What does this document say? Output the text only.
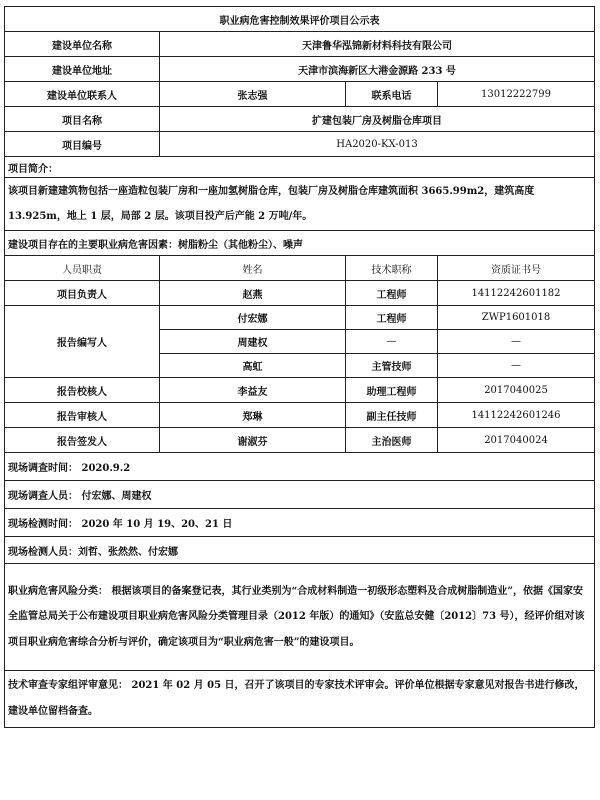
职业病危害控制效果评价项目公示表			
建设单位名称	天津鲁华泓锦新材料科技有限公司		
建设单位地址	天津市滨海新区大港金源路 233 号		
建设单位联系人	张志强	联系电话	13012222799
项目名称	扩建包装厂房及树脂仓库项目		
项目编号	HA2020-KX-013		
项目简介：			
该项目新建建筑物包括一座造粒包装厂房和一座加氢树脂仓库，包装厂房及树脂仓库建筑面积 3665.99m2，建筑高度 13.925m，地上 1 层，局部 2 层。该项目投产后产能 2 万吨/年。			
建设项目存在的主要职业病危害因素：树脂粉尘（其他粉尘）、噪声			
人员职责	姓名	技术职称	资质证书号
项目负责人	赵燕	工程师	14112242601182
报告编写人	付宏娜	工程师	ZWP1601018
	周建权	—	—
	高虹	主管技师	—
报告校核人	李益友	助理工程师	2017040025
报告审核人	郑琳	副主任技师	14112242601246
报告签发人	谢淑芬	主治医师	2017040024
现场调查时间： 2020.9.2			
现场调查人员： 付宏娜、周建权			
现场检测时间： 2020 年 10 月 19、20、21 日			
现场检测人员：刘哲、张然然、付宏娜			
职业病危害风险分类： 根据该项目的备案登记表，其行业类别为“合成材料制造一初级形态塑料及合成树脂制造业”，依据《国家安全监管总局关于公布建设项目职业病危害风险分类管理目录（2012 年版）的通知》（安监总安健〔2012〕73 号），经评价组对该项目职业病危害综合分析与评价，确定该项目为“职业病危害一般”的建设项目。			
技术审查专家组评审意见： 2021 年 02 月 05 日，召开了该项目的专家技术评审会。评价单位根据专家意见对报告书进行修改，建设单位留档备查。			
